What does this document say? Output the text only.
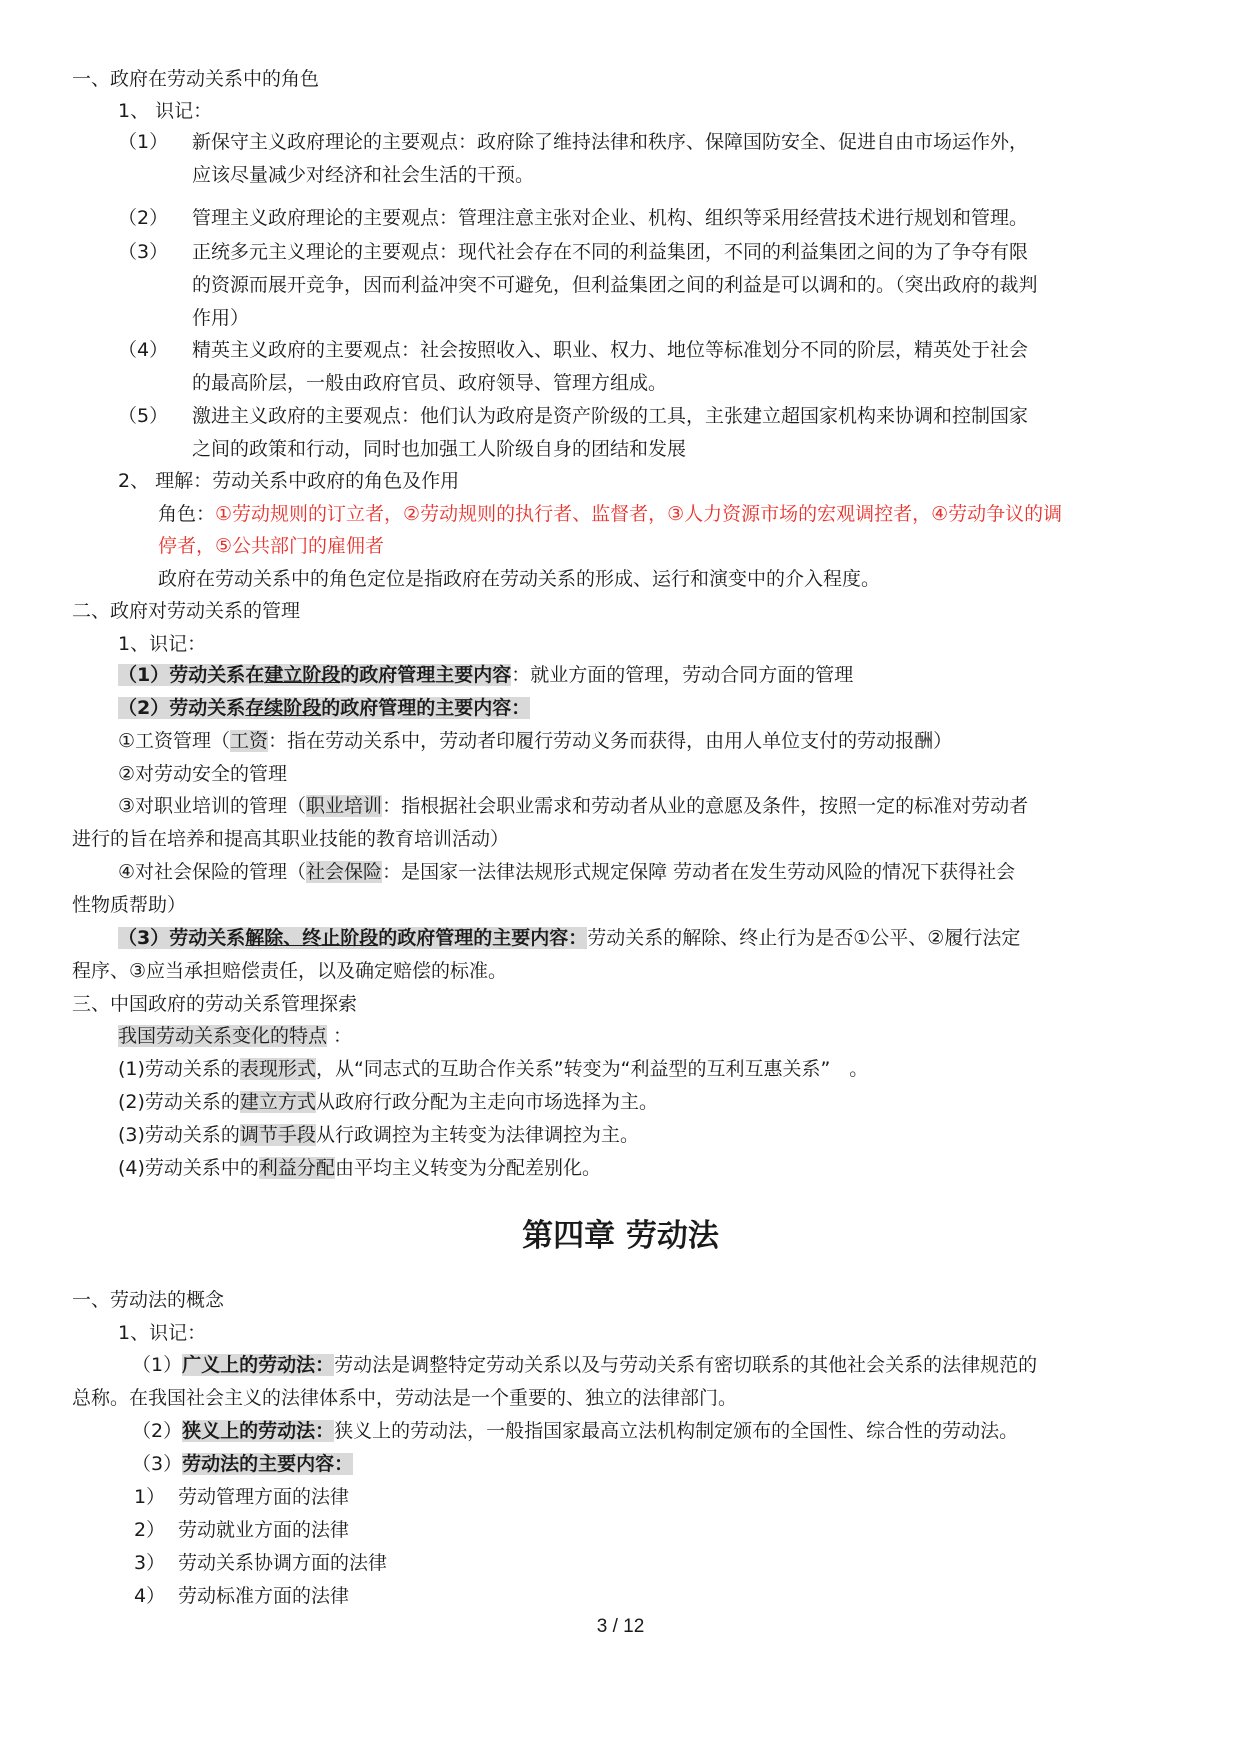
一、政府在劳动关系中的角色
1、 识记：
（1） 新保守主义政府理论的主要观点：政府除了维持法律和秩序、保障国防安全、促进自由市场运作外，
应该尽量减少对经济和社会生活的干预。
（2） 管理主义政府理论的主要观点：管理注意主张对企业、机构、组织等采用经营技术进行规划和管理。
（3） 正统多元主义理论的主要观点：现代社会存在不同的利益集团，不同的利益集团之间的为了争夺有限
的资源而展开竞争，因而利益冲突不可避免，但利益集团之间的利益是可以调和的。（突出政府的裁判
作用）
（4） 精英主义政府的主要观点：社会按照收入、职业、权力、地位等标准划分不同的阶层，精英处于社会
的最高阶层，一般由政府官员、政府领导、管理方组成。
（5） 激进主义政府的主要观点：他们认为政府是资产阶级的工具，主张建立超国家机构来协调和控制国家
之间的政策和行动，同时也加强工人阶级自身的团结和发展
2、 理解：劳动关系中政府的角色及作用
角色：①劳动规则的订立者，②劳动规则的执行者、监督者，③人力资源市场的宏观调控者，④劳动争议的调
停者，⑤公共部门的雇佣者
政府在劳动关系中的角色定位是指政府在劳动关系的形成、运行和演变中的介入程度。
二、政府对劳动关系的管理
1、识记：
（1）劳动关系在建立阶段的政府管理主要内容：就业方面的管理，劳动合同方面的管理
（2）劳动关系存续阶段的政府管理的主要内容：
①工资管理（工资：指在劳动关系中，劳动者印履行劳动义务而获得，由用人单位支付的劳动报酬）
②对劳动安全的管理
③对职业培训的管理（职业培训：指根据社会职业需求和劳动者从业的意愿及条件，按照一定的标准对劳动者
进行的旨在培养和提高其职业技能的教育培训活动）
④对社会保险的管理（社会保险：是国家一法律法规形式规定保障 劳动者在发生劳动风险的情况下获得社会
性物质帮助）
（3）劳动关系解除、终止阶段的政府管理的主要内容：劳动关系的解除、终止行为是否①公平、②履行法定
程序、③应当承担赔偿责任，以及确定赔偿的标准。
三、中国政府的劳动关系管理探索
我国劳动关系变化的特点 ：
(1)劳动关系的表现形式，从“同志式的互助合作关系”转变为“利益型的互利互惠关系”　。
(2)劳动关系的建立方式从政府行政分配为主走向市场选择为主。
(3)劳动关系的调节手段从行政调控为主转变为法律调控为主。
(4)劳动关系中的利益分配由平均主义转变为分配差别化。
第四章 劳动法
一、劳动法的概念
1、识记：
（1）广义上的劳动法：劳动法是调整特定劳动关系以及与劳动关系有密切联系的其他社会关系的法律规范的
总称。在我国社会主义的法律体系中，劳动法是一个重要的、独立的法律部门。
（2）狭义上的劳动法：狭义上的劳动法，一般指国家最高立法机构制定颁布的全国性、综合性的劳动法。
（3）劳动法的主要内容：
1） 劳动管理方面的法律
2） 劳动就业方面的法律
3） 劳动关系协调方面的法律
4） 劳动标准方面的法律
3 / 12
